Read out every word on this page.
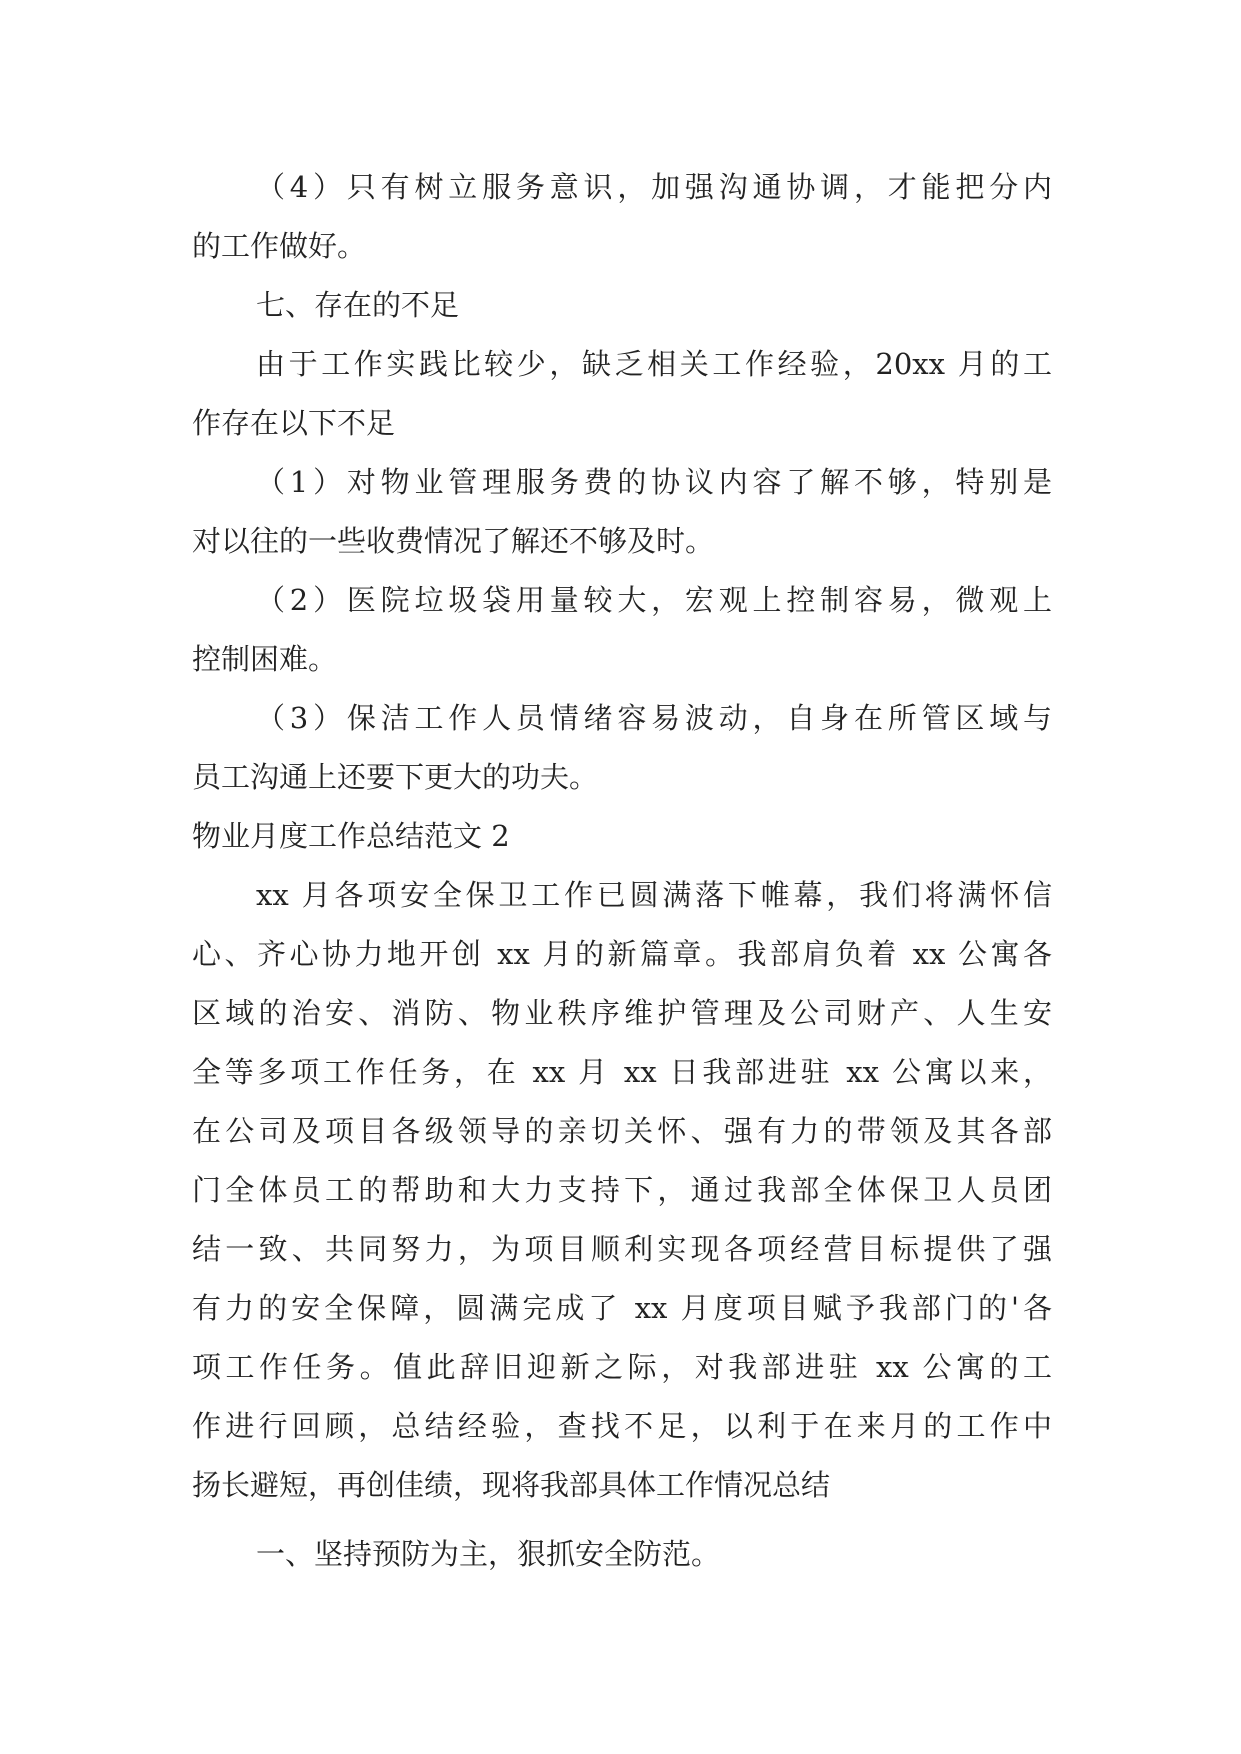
（4）只有树立服务意识，加强沟通协调，才能把分内
的工作做好。
七、存在的不足
由于工作实践比较少，缺乏相关工作经验，20xx 月的工
作存在以下不足
（1）对物业管理服务费的协议内容了解不够，特别是
对以往的一些收费情况了解还不够及时。
（2）医院垃圾袋用量较大，宏观上控制容易，微观上
控制困难。
（3）保洁工作人员情绪容易波动，自身在所管区域与
员工沟通上还要下更大的功夫。
物业月度工作总结范文 2
xx 月各项安全保卫工作已圆满落下帷幕，我们将满怀信
心、齐心协力地开创 xx 月的新篇章。我部肩负着 xx 公寓各
区域的治安、消防、物业秩序维护管理及公司财产、人生安
全等多项工作任务，在 xx 月 xx 日我部进驻 xx 公寓以来，
在公司及项目各级领导的亲切关怀、强有力的带领及其各部
门全体员工的帮助和大力支持下，通过我部全体保卫人员团
结一致、共同努力，为项目顺利实现各项经营目标提供了强
有力的安全保障，圆满完成了 xx 月度项目赋予我部门的'各
项工作任务。值此辞旧迎新之际，对我部进驻 xx 公寓的工
作进行回顾，总结经验，查找不足，以利于在来月的工作中
扬长避短，再创佳绩，现将我部具体工作情况总结
一、坚持预防为主，狠抓安全防范。
